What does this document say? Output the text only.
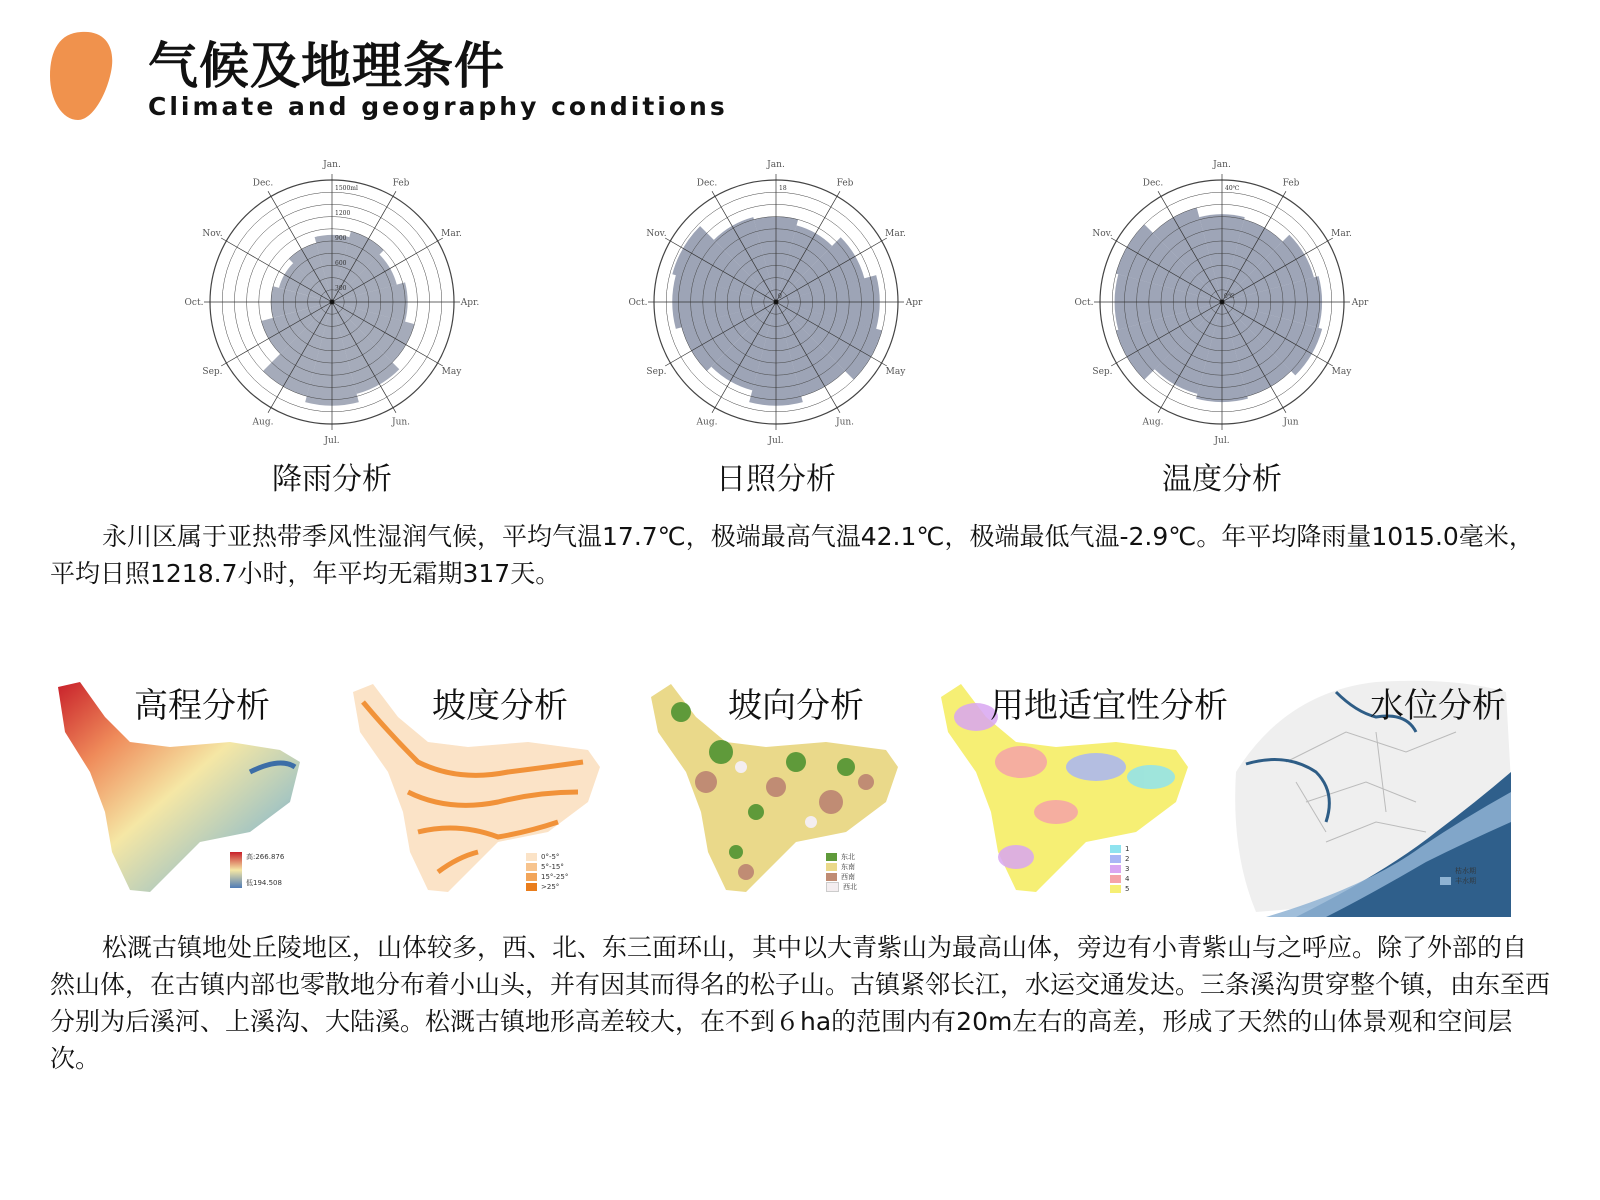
气候及地理条件
Climate and geography conditions
Jan.
Feb
Mar.
Apr.
May
Jun.
Jul.
Aug.
Sep.
Oct.
Nov.
Dec.
1500ml
1200
900
600
300
降雨分析
Jan.
Feb
Mar.
Apr
May
Jun.
Jul.
Aug.
Sep.
Oct.
Nov.
Dec.
18
0
日照分析
Jan.
Feb
Mar.
Apr
May
Jun
Jul.
Aug.
Sep.
Oct.
Nov.
Dec.
40℃
0℃
温度分析
永川区属于亚热带季风性湿润气候，平均气温17.7℃，极端最高气温42.1℃，极端最低气温-2.9℃。年平均降雨量1015.0毫米，平均日照1218.7小时，年平均无霜期317天。
高程分析
高:266.876
低194.508
坡度分析
0°-5°
5°-15°
15°-25°
>25°
坡向分析
东北
东南
西南
西北
用地适宜性分析
1
2
3
4
5
水位分析
枯水期
丰水期
松溉古镇地处丘陵地区，山体较多，西、北、东三面环山，其中以大青紫山为最高山体，旁边有小青紫山与之呼应。除了外部的自然山体，在古镇内部也零散地分布着小山头，并有因其而得名的松子山。古镇紧邻长江，水运交通发达。三条溪沟贯穿整个镇，由东至西分别为后溪河、上溪沟、大陆溪。松溉古镇地形高差较大，在不到６ha的范围内有20m左右的高差，形成了天然的山体景观和空间层次。
